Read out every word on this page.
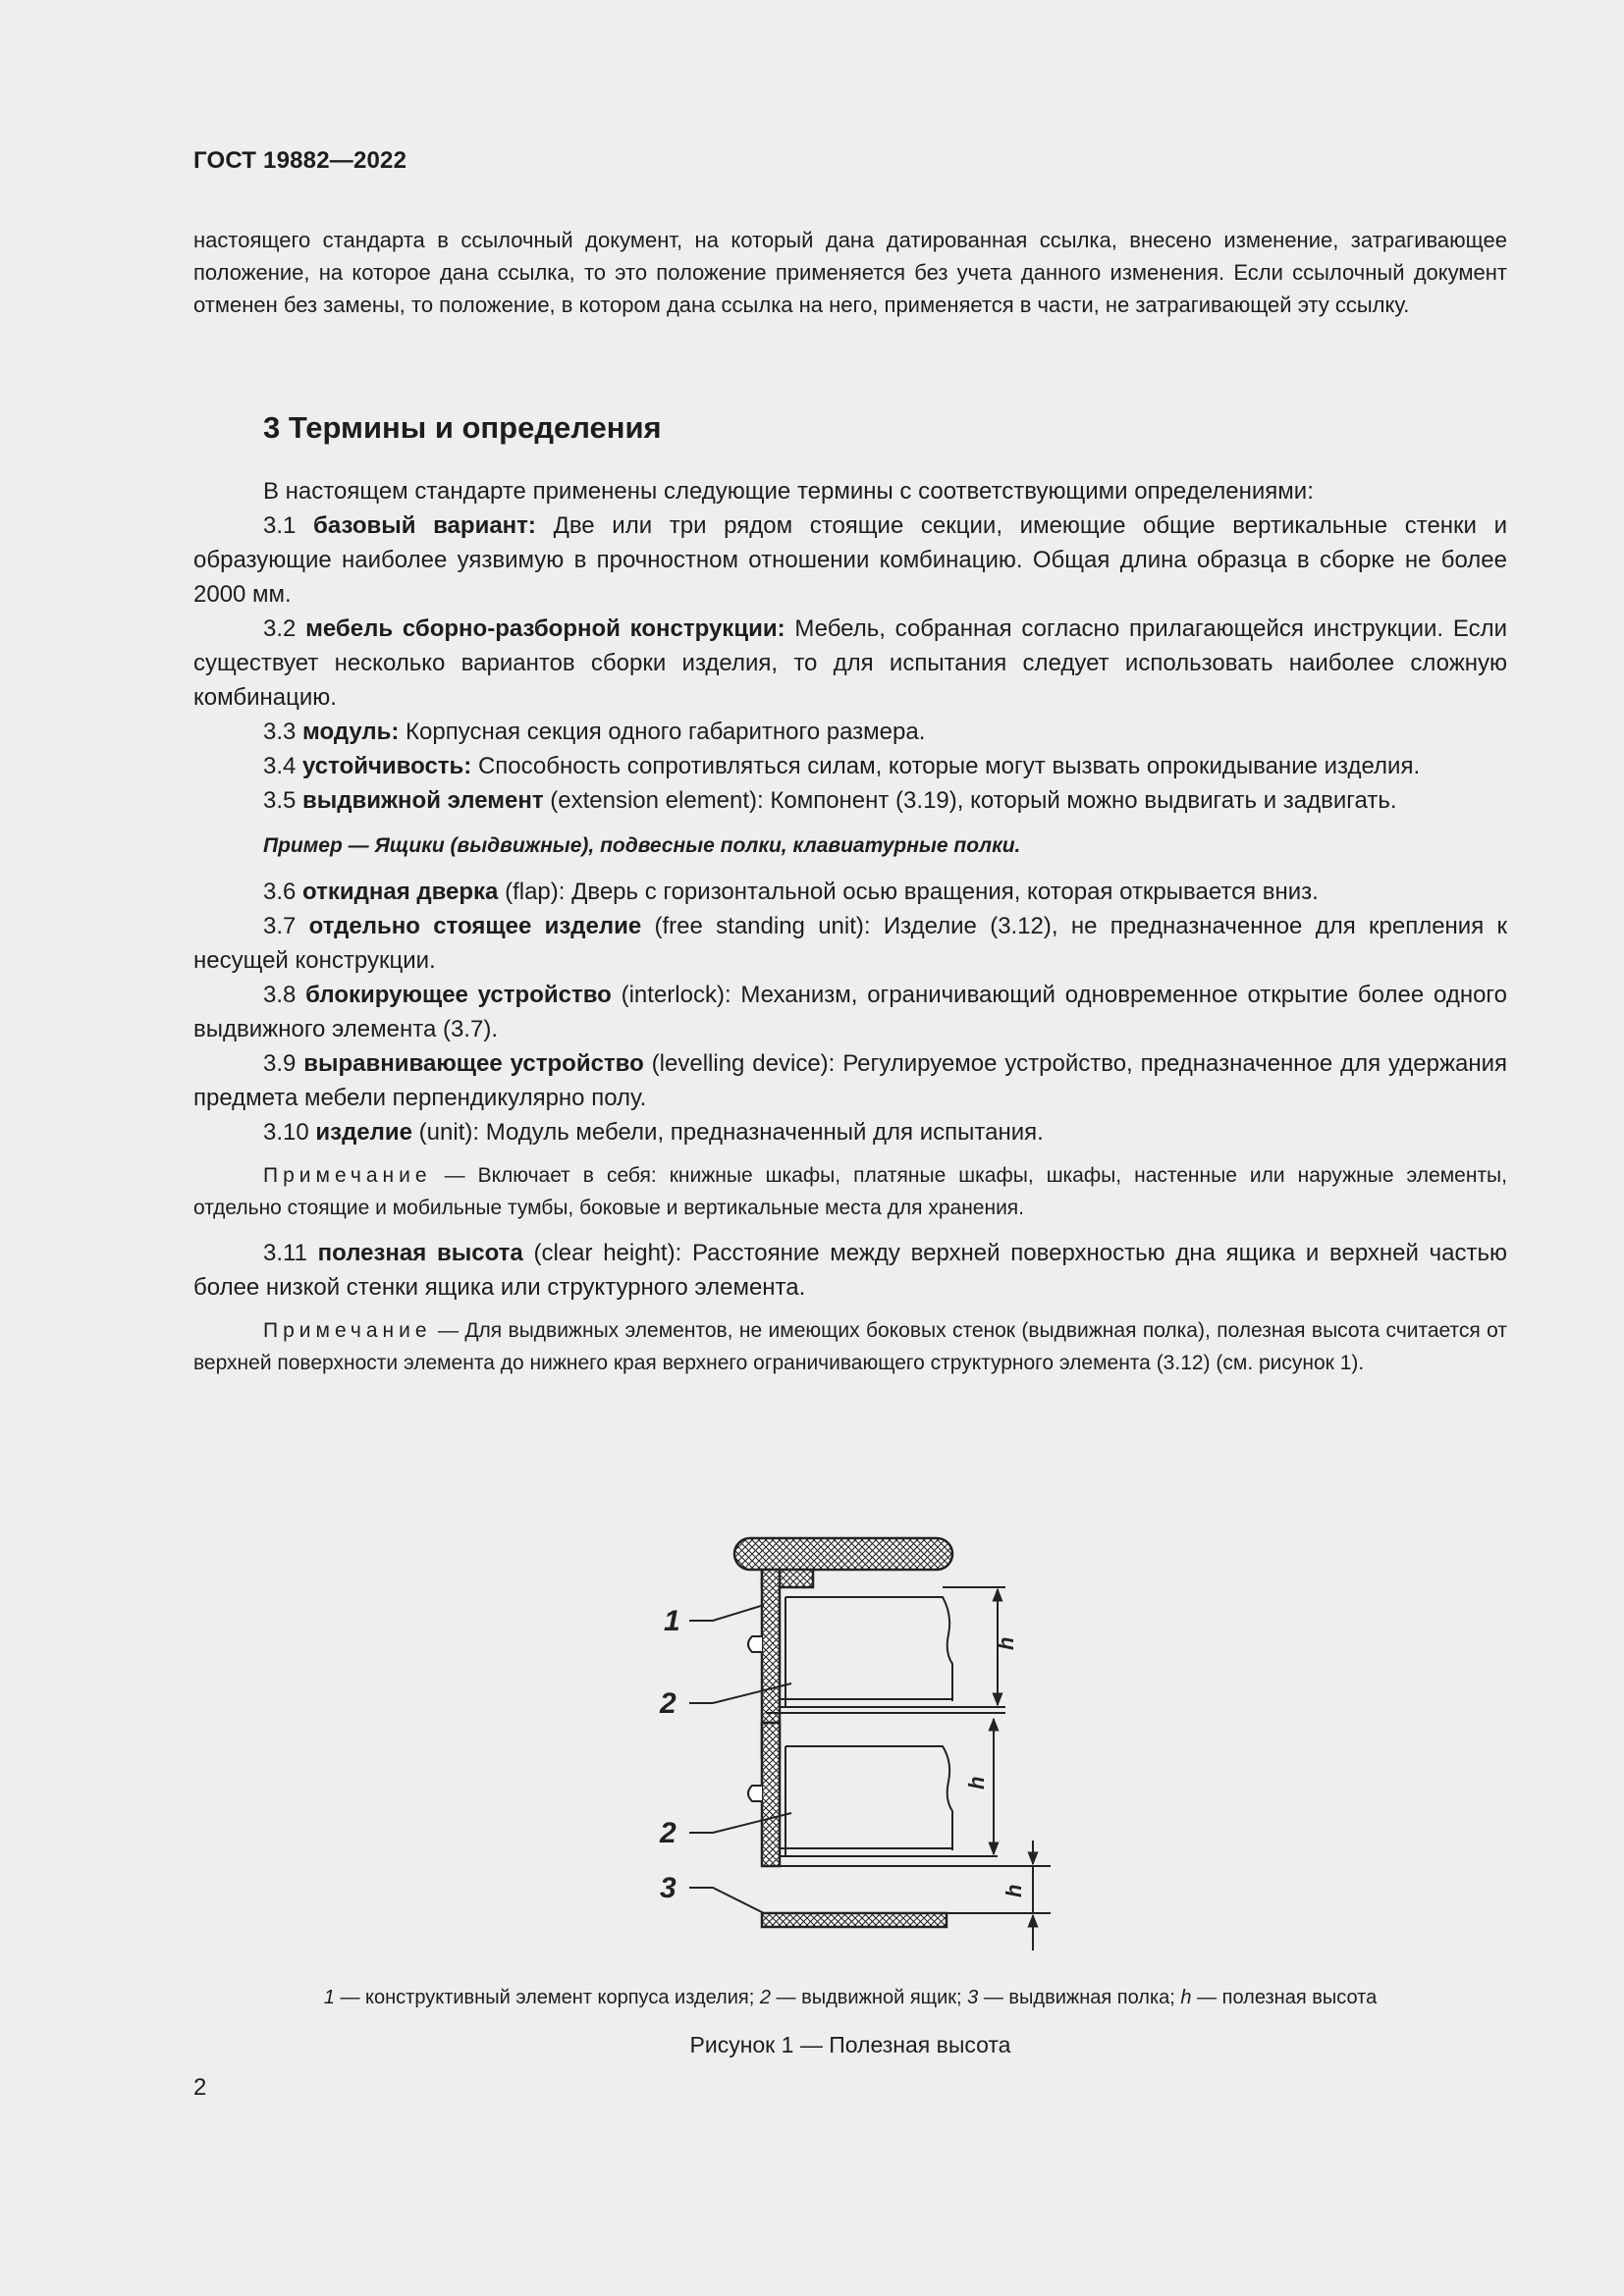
ГОСТ 19882—2022
настоящего стандарта в ссылочный документ, на который дана датированная ссылка, внесено изменение, затрагивающее положение, на которое дана ссылка, то это положение применяется без учета данного изменения. Если ссылочный документ отменен без замены, то положение, в котором дана ссылка на него, применяется в части, не затрагивающей эту ссылку.
3 Термины и определения

В настоящем стандарте применены следующие термины с соответствующими определениями:

3.1 базовый вариант: Две или три рядом стоящие секции, имеющие общие вертикальные стенки и образующие наиболее уязвимую в прочностном отношении комбинацию. Общая длина образца в сборке не более 2000 мм.

3.2 мебель сборно-разборной конструкции: Мебель, собранная согласно прилагающейся инструкции. Если существует несколько вариантов сборки изделия, то для испытания следует использовать наиболее сложную комбинацию.

3.3 модуль: Корпусная секция одного габаритного размера.

3.4 устойчивость: Способность сопротивляться силам, которые могут вызвать опрокидывание изделия.

3.5 выдвижной элемент (extension element): Компонент (3.19), который можно выдвигать и задвигать.

Пример — Ящики (выдвижные), подвесные полки, клавиатурные полки.

3.6 откидная дверка (flap): Дверь с горизонтальной осью вращения, которая открывается вниз.

3.7 отдельно стоящее изделие (free standing unit): Изделие (3.12), не предназначенное для крепления к несущей конструкции.

3.8 блокирующее устройство (interlock): Механизм, ограничивающий одновременное открытие более одного выдвижного элемента (3.7).

3.9 выравнивающее устройство (levelling device): Регулируемое устройство, предназначенное для удержания предмета мебели перпендикулярно полу.

3.10 изделие (unit): Модуль мебели, предназначенный для испытания.

Примечание — Включает в себя: книжные шкафы, платяные шкафы, шкафы, настенные или наружные элементы, отдельно стоящие и мобильные тумбы, боковые и вертикальные места для хранения.

3.11 полезная высота (clear height): Расстояние между верхней поверхностью дна ящика и верхней частью более низкой стенки ящика или структурного элемента.

Примечание — Для выдвижных элементов, не имеющих боковых стенок (выдвижная полка), полезная высота считается от верхней поверхности элемента до нижнего края верхнего ограничивающего структурного элемента (3.12) (см. рисунок 1).

h
h
h
1
2
2
3
1 — конструктивный элемент корпуса изделия; 2 — выдвижной ящик; 3 — выдвижная полка; h — полезная высота
Рисунок 1 — Полезная высота
2
